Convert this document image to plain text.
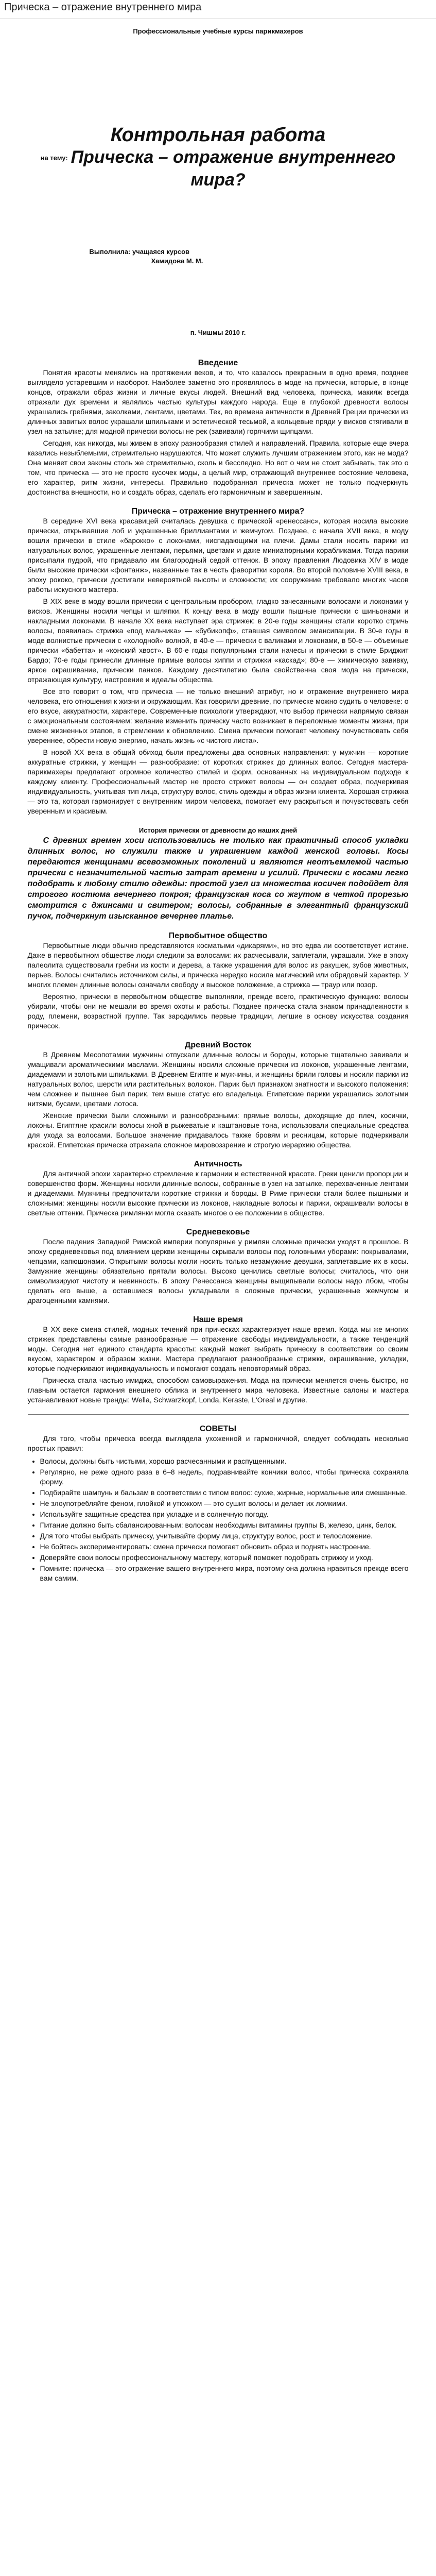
Прическа – отражение внутреннего мира
Профессиональные учебные курсы парикмахеров
Контрольная работа
на тему: Прическа – отражение внутреннего мира?
Выполнила: учащаяся курсов
Хамидова М. М.
п. Чишмы 2010 г.
Введение

Понятия красоты менялись на протяжении веков, и то, что казалось прекрасным в одно время, позднее выглядело устаревшим и наоборот. Наиболее заметно это проявлялось в моде на прически, которые, в конце концов, отражали образ жизни и личные вкусы людей. Внешний вид человека, прическа, макияж всегда отражали дух времени и являлись частью культуры каждого народа. Еще в глубокой древности волосы украшались гребнями, заколками, лентами, цветами. Тек, во времена античности в Древней Греции прически из длинных завитых волос украшали шпильками и эстетической тесьмой, а кольцевые пряди у висков стягивали в узел на затылке; для модной прически волосы не рек (завивали) горячими щипцами.

Сегодня, как никогда, мы живем в эпоху разнообразия стилей и направлений. Правила, которые еще вчера казались незыблемыми, стремительно нарушаются. Что может служить лучшим отражением этого, как не мода? Она меняет свои законы столь же стремительно, сколь и бесследно. Но вот о чем не стоит забывать, так это о том, что прическа — это не просто кусочек моды, а целый мир, отражающий внутреннее состояние человека, его характер, ритм жизни, интересы. Правильно подобранная прическа может не только подчеркнуть достоинства внешности, но и создать образ, сделать его гармоничным и завершенным.

Прическа – отражение внутреннего мира?

В середине XVI века красавицей считалась девушка с прической «ренессанс», которая носила высокие прически, открывавшие лоб и украшенные бриллиантами и жемчугом. Позднее, с начала XVII века, в моду вошли прически в стиле «барокко» с локонами, ниспадающими на плечи. Дамы стали носить парики из натуральных волос, украшенные лентами, перьями, цветами и даже миниатюрными корабликами. Тогда парики присыпали пудрой, что придавало им благородный седой оттенок. В эпоху правления Людовика XIV в моде были высокие прически «фонтанж», названные так в честь фаворитки короля. Во второй половине XVIII века, в эпоху рококо, прически достигали невероятной высоты и сложности; их сооружение требовало многих часов работы искусного мастера.

В XIX веке в моду вошли прически с центральным пробором, гладко зачесанными волосами и локонами у висков. Женщины носили чепцы и шляпки. К концу века в моду вошли пышные прически с шиньонами и накладными локонами. В начале XX века наступает эра стрижек: в 20-е годы женщины стали коротко стричь волосы, появилась стрижка «под мальчика» — «бубикопф», ставшая символом эмансипации. В 30-е годы в моде волнистые прически с «холодной» волной, в 40-е — прически с валиками и локонами, в 50-е — объемные прически «бабетта» и «конский хвост». В 60-е годы популярными стали начесы и прически в стиле Бриджит Бардо; 70-е годы принесли длинные прямые волосы хиппи и стрижки «каскад»; 80-е — химическую завивку, яркое окрашивание, прически панков. Каждому десятилетию была свойственна своя мода на прически, отражающая культуру, настроение и идеалы общества.

Все это говорит о том, что прическа — не только внешний атрибут, но и отражение внутреннего мира человека, его отношения к жизни и окружающим. Как говорили древние, по прическе можно судить о человеке: о его вкусе, аккуратности, характере. Современные психологи утверждают, что выбор прически напрямую связан с эмоциональным состоянием: желание изменить прическу часто возникает в переломные моменты жизни, при смене жизненных этапов, в стремлении к обновлению. Смена прически помогает человеку почувствовать себя увереннее, обрести новую энергию, начать жизнь «с чистого листа».

В новой XX века в общий обиход были предложены два основных направления: у мужчин — короткие аккуратные стрижки, у женщин — разнообразие: от коротких стрижек до длинных волос. Сегодня мастера-парикмахеры предлагают огромное количество стилей и форм, основанных на индивидуальном подходе к каждому клиенту. Профессиональный мастер не просто стрижет волосы — он создает образ, подчеркивая индивидуальность, учитывая тип лица, структуру волос, стиль одежды и образ жизни клиента. Хорошая стрижка — это та, которая гармонирует с внутренним миром человека, помогает ему раскрыться и почувствовать себя уверенным и красивым.

История прически от древности до наших дней

С древних времен хоси использовались не только как практичный способ укладки длинных волос, но служили также и украшением каждой женской головы. Косы передаются женщинами всевозможных поколений и являются неотъемлемой частью прически с незначительной частью затрат времени и усилий. Прически с косами легко подобрать к любому стилю одежды: простой узел из множества косичек подойдет для строгого костюма вечернего покроя; французская коса со жгутом в четкой прорезью смотрится с джинсами и свитером; волосы, собранные в элегантный французский пучок, подчеркнут изысканное вечернее платье.

Первобытное общество

Первобытные люди обычно представляются косматыми «дикарями», но это едва ли соответствует истине. Даже в первобытном обществе люди следили за волосами: их расчесывали, заплетали, украшали. Уже в эпоху палеолита существовали гребни из кости и дерева, а также украшения для волос из ракушек, зубов животных, перьев. Волосы считались источником силы, и прическа нередко носила магический или обрядовый характер. У многих племен длинные волосы означали свободу и высокое положение, а стрижка — траур или позор.

Вероятно, прически в первобытном обществе выполняли, прежде всего, практическую функцию: волосы убирали, чтобы они не мешали во время охоты и работы. Позднее прическа стала знаком принадлежности к роду, племени, возрастной группе. Так зародились первые традиции, легшие в основу искусства создания причесок.

Древний Восток

В Древнем Месопотамии мужчины отпускали длинные волосы и бороды, которые тщательно завивали и умащивали ароматическими маслами. Женщины носили сложные прически из локонов, украшенные лентами, диадемами и золотыми шпильками. В Древнем Египте и мужчины, и женщины брили головы и носили парики из натуральных волос, шерсти или растительных волокон. Парик был признаком знатности и высокого положения: чем сложнее и пышнее был парик, тем выше статус его владельца. Египетские парики украшались золотыми нитями, бусами, цветами лотоса.

Женские прически были сложными и разнообразными: прямые волосы, доходящие до плеч, косички, локоны. Египтяне красили волосы хной в рыжеватые и каштановые тона, использовали специальные средства для ухода за волосами. Большое значение придавалось также бровям и ресницам, которые подчеркивали краской. Египетская прическа отражала сложное мировоззрение и строгую иерархию общества.

Античность

Для античной эпохи характерно стремление к гармонии и естественной красоте. Греки ценили пропорции и совершенство форм. Женщины носили длинные волосы, собранные в узел на затылке, перехваченные лентами и диадемами. Мужчины предпочитали короткие стрижки и бороды. В Риме прически стали более пышными и сложными: женщины носили высокие прически из локонов, накладные волосы и парики, окрашивали волосы в светлые оттенки. Прическа римлянки могла сказать многое о ее положении в обществе.

Средневековье

После падения Западной Римской империи популярные у римлян сложные прически уходят в прошлое. В эпоху средневековья под влиянием церкви женщины скрывали волосы под головными уборами: покрывалами, чепцами, капюшонами. Открытыми волосы могли носить только незамужние девушки, заплетавшие их в косы. Замужние женщины обязательно прятали волосы. Высоко ценились светлые волосы; считалось, что они символизируют чистоту и невинность. В эпоху Ренессанса женщины выщипывали волосы надо лбом, чтобы сделать его выше, а оставшиеся волосы укладывали в сложные прически, украшенные жемчугом и драгоценными камнями.

Наше время

В XX веке смена стилей, модных течений при прическах характеризует наше время. Когда мы же многих стрижек представлены самые разнообразные — отражение свободы индивидуальности, а также тенденций моды. Сегодня нет единого стандарта красоты: каждый может выбрать прическу в соответствии со своим вкусом, характером и образом жизни. Мастера предлагают разнообразные стрижки, окрашивание, укладки, которые подчеркивают индивидуальность и помогают создать неповторимый образ.

Прическа стала частью имиджа, способом самовыражения. Мода на прически меняется очень быстро, но главным остается гармония внешнего облика и внутреннего мира человека. Известные салоны и мастера устанавливают новые тренды: Wella, Schwarzkopf, Londa, Keraste, L'Oreal и другие.

СОВЕТЫ

Для того, чтобы прическа всегда выглядела ухоженной и гармоничной, следует соблюдать несколько простых правил:

• Волосы, должны быть чистыми, хорошо расчесанными и распущенными.
• Регулярно, не реже одного раза в 6–8 недель, подравнивайте кончики волос, чтобы прическа сохраняла форму.
• Подбирайте шампунь и бальзам в соответствии с типом волос: сухие, жирные, нормальные или смешанные.
• Не злоупотребляйте феном, плойкой и утюжком — это сушит волосы и делает их ломкими.
• Используйте защитные средства при укладке и в солнечную погоду.
• Питание должно быть сбалансированным: волосам необходимы витамины группы B, железо, цинк, белок.
• Для того чтобы выбрать прическу, учитывайте форму лица, структуру волос, рост и телосложение.
• Не бойтесь экспериментировать: смена прически помогает обновить образ и поднять настроение.
• Доверяйте свои волосы профессиональному мастеру, который поможет подобрать стрижку и уход.
• Помните: прическа — это отражение вашего внутреннего мира, поэтому она должна нравиться прежде всего вам самим.
